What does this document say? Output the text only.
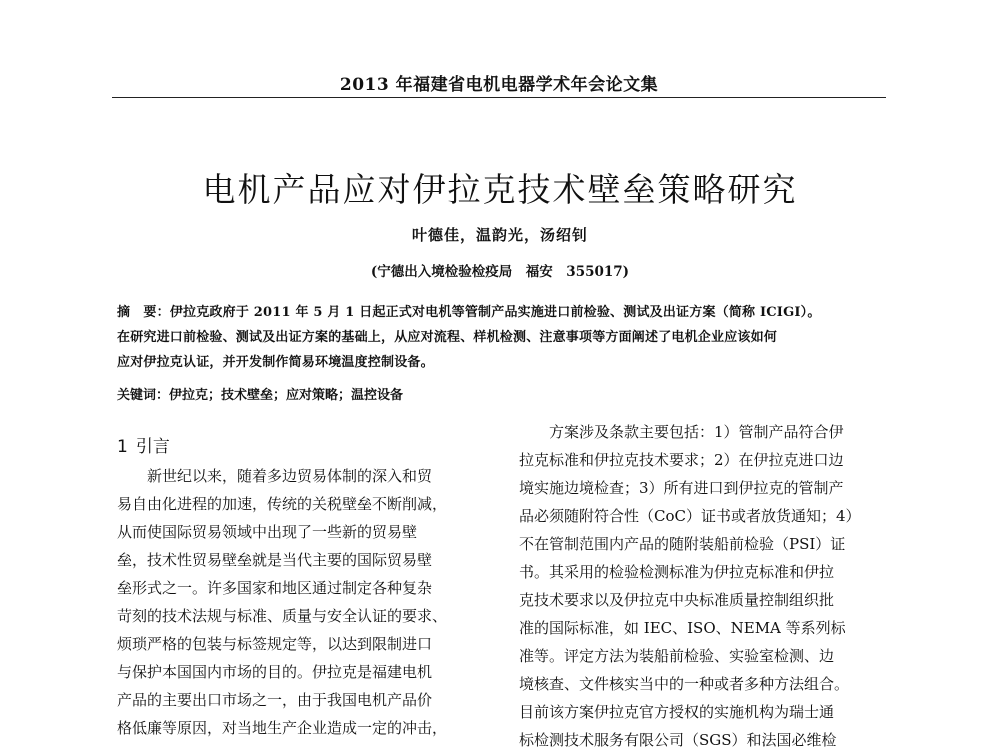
2013 年福建省电机电器学术年会论文集
电机产品应对伊拉克技术壁垒策略研究
叶德佳，温韵光，汤绍钊
(宁德出入境检验检疫局　福安　355017)
摘　要：伊拉克政府于 2011 年 5 月 1 日起正式对电机等管制产品实施进口前检验、测试及出证方案（简称 ICIGI）。
在研究进口前检验、测试及出证方案的基础上，从应对流程、样机检测、注意事项等方面阐述了电机企业应该如何
应对伊拉克认证，并开发制作简易环境温度控制设备。
关键词：伊拉克；技术壁垒；应对策略；温控设备
1 引言
新世纪以来，随着多边贸易体制的深入和贸
易自由化进程的加速，传统的关税壁垒不断削减，
从而使国际贸易领域中出现了一些新的贸易壁
垒，技术性贸易壁垒就是当代主要的国际贸易壁
垒形式之一。许多国家和地区通过制定各种复杂
苛刻的技术法规与标准、质量与安全认证的要求、
烦琐严格的包装与标签规定等，以达到限制进口
与保护本国国内市场的目的。伊拉克是福建电机
产品的主要出口市场之一，由于我国电机产品价
格低廉等原因，对当地生产企业造成一定的冲击，
方案涉及条款主要包括：1）管制产品符合伊
拉克标准和伊拉克技术要求；2）在伊拉克进口边
境实施边境检查；3）所有进口到伊拉克的管制产
品必须随附符合性（CoC）证书或者放货通知；4）
不在管制范围内产品的随附装船前检验（PSI）证
书。其采用的检验检测标准为伊拉克标准和伊拉
克技术要求以及伊拉克中央标准质量控制组织批
准的国际标准，如 IEC、ISO、NEMA 等系列标
准等。评定方法为装船前检验、实验室检测、边
境核查、文件核实当中的一种或者多种方法组合。
目前该方案伊拉克官方授权的实施机构为瑞士通
标检测技术服务有限公司（SGS）和法国必维检
